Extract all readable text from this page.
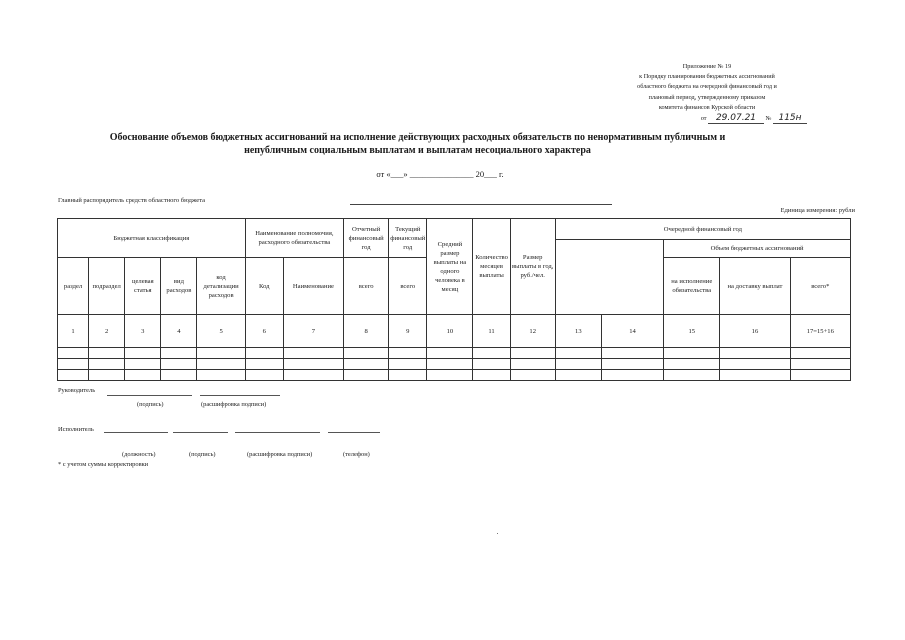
Приложение № 19
к Порядку планирования бюджетных ассигнований
областного бюджета на очередной финансовый год и
плановый период, утвержденному приказом
комитета финансов Курской области
от 29.07.21 № 115н
Обоснование объемов бюджетных ассигнований на исполнение действующих расходных обязательств по ненормативным публичным и
непубличным социальным выплатам и выплатам несоциального характера
от «___» _______________ 20___ г.
Главный распорядитель средств областного бюджета
Единица измерения: рубли
Бюджетная классификация					Наименование полномочия, расходного обязательства		Отчетный финансовый год	Текущий финансовый год	Средний размер выплаты на одного человека в месяц	Количество месяцев выплаты	Размер выплаты в год, руб./чел.	Очередной финансовый год				
														Объем бюджетных ассигнований		
раздел	подраздел	целевая статья	вид расходов	код детализации расходов	Код	Наименование	всего	всего						на исполнение обязательства	на доставку выплат	всего*
1	2	3	4	5	6	7	8	9	10	11	12	13	14	15	16	17=15+16

Руководитель
(подпись)	(расшифровка подписи)
Исполнитель
(должность)	(подпись)	(расшифровка подписи)	(телефон)
* с учетом суммы корректировки
